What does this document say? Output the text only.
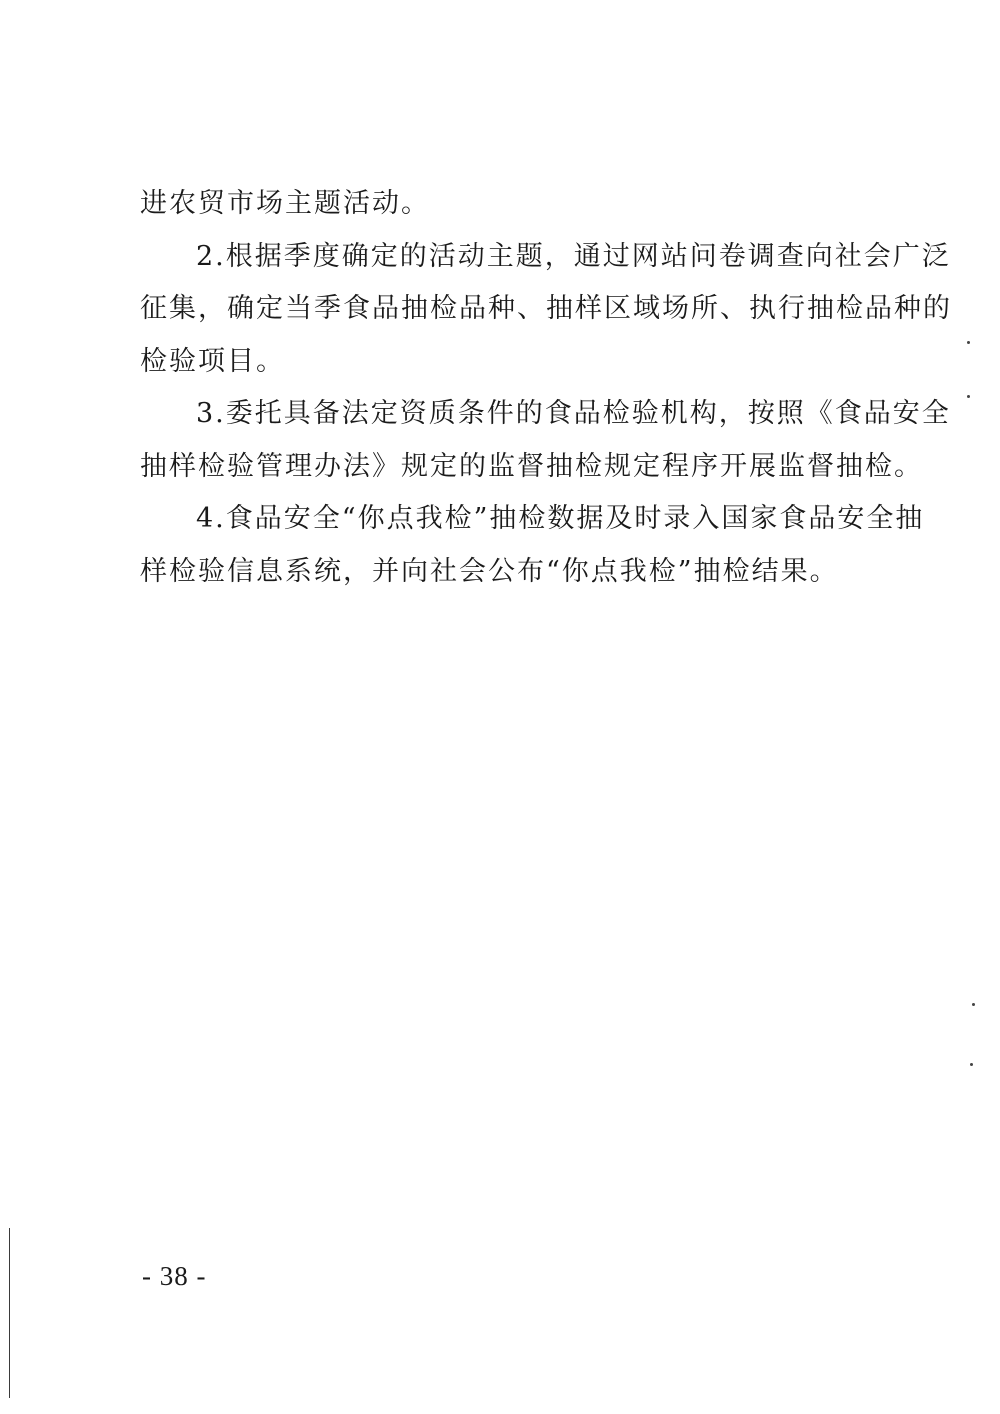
进农贸市场主题活动。
2.根据季度确定的活动主题，通过网站问卷调查向社会广泛
征集，确定当季食品抽检品种、抽样区域场所、执行抽检品种的
检验项目。
3.委托具备法定资质条件的食品检验机构，按照《食品安全
抽样检验管理办法》规定的监督抽检规定程序开展监督抽检。
4.食品安全“你点我检”抽检数据及时录入国家食品安全抽
样检验信息系统，并向社会公布“你点我检”抽检结果。
- 38 -
